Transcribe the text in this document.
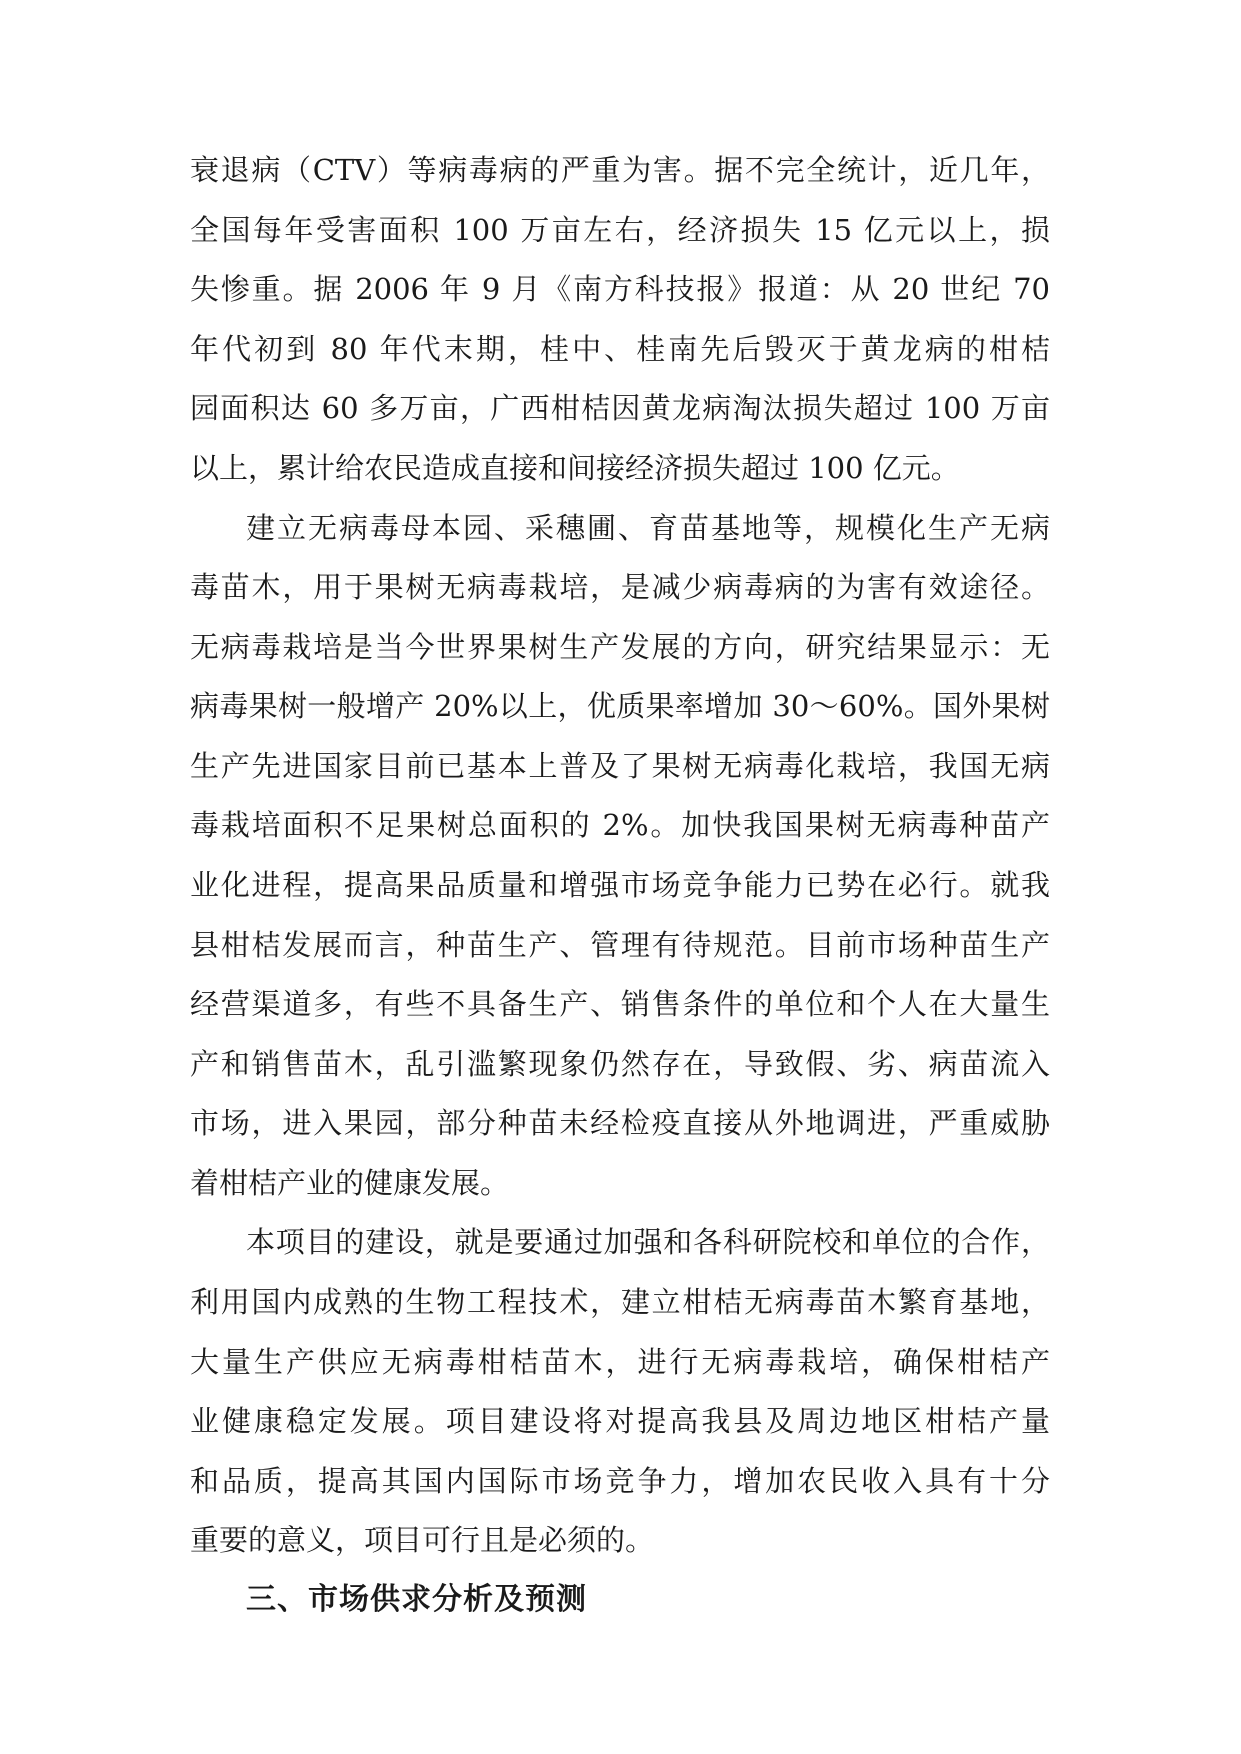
衰退病（CTV）等病毒病的严重为害。据不完全统计，近几年，
全国每年受害面积 100 万亩左右，经济损失 15 亿元以上，损
失惨重。据 2006 年 9 月《南方科技报》报道：从 20 世纪 70
年代初到 80 年代末期，桂中、桂南先后毁灭于黄龙病的柑桔
园面积达 60 多万亩，广西柑桔因黄龙病淘汰损失超过 100 万亩
以上，累计给农民造成直接和间接经济损失超过 100 亿元。
建立无病毒母本园、采穗圃、育苗基地等，规模化生产无病
毒苗木，用于果树无病毒栽培，是减少病毒病的为害有效途径。
无病毒栽培是当今世界果树生产发展的方向，研究结果显示：无
病毒果树一般增产 20%以上，优质果率增加 30～60%。国外果树
生产先进国家目前已基本上普及了果树无病毒化栽培，我国无病
毒栽培面积不足果树总面积的 2%。加快我国果树无病毒种苗产
业化进程，提高果品质量和增强市场竞争能力已势在必行。就我
县柑桔发展而言，种苗生产、管理有待规范。目前市场种苗生产
经营渠道多，有些不具备生产、销售条件的单位和个人在大量生
产和销售苗木，乱引滥繁现象仍然存在，导致假、劣、病苗流入
市场，进入果园，部分种苗未经检疫直接从外地调进，严重威胁
着柑桔产业的健康发展。
本项目的建设，就是要通过加强和各科研院校和单位的合作，
利用国内成熟的生物工程技术，建立柑桔无病毒苗木繁育基地，
大量生产供应无病毒柑桔苗木，进行无病毒栽培，确保柑桔产
业健康稳定发展。项目建设将对提高我县及周边地区柑桔产量
和品质，提高其国内国际市场竞争力，增加农民收入具有十分
重要的意义，项目可行且是必须的。
三、市场供求分析及预测
